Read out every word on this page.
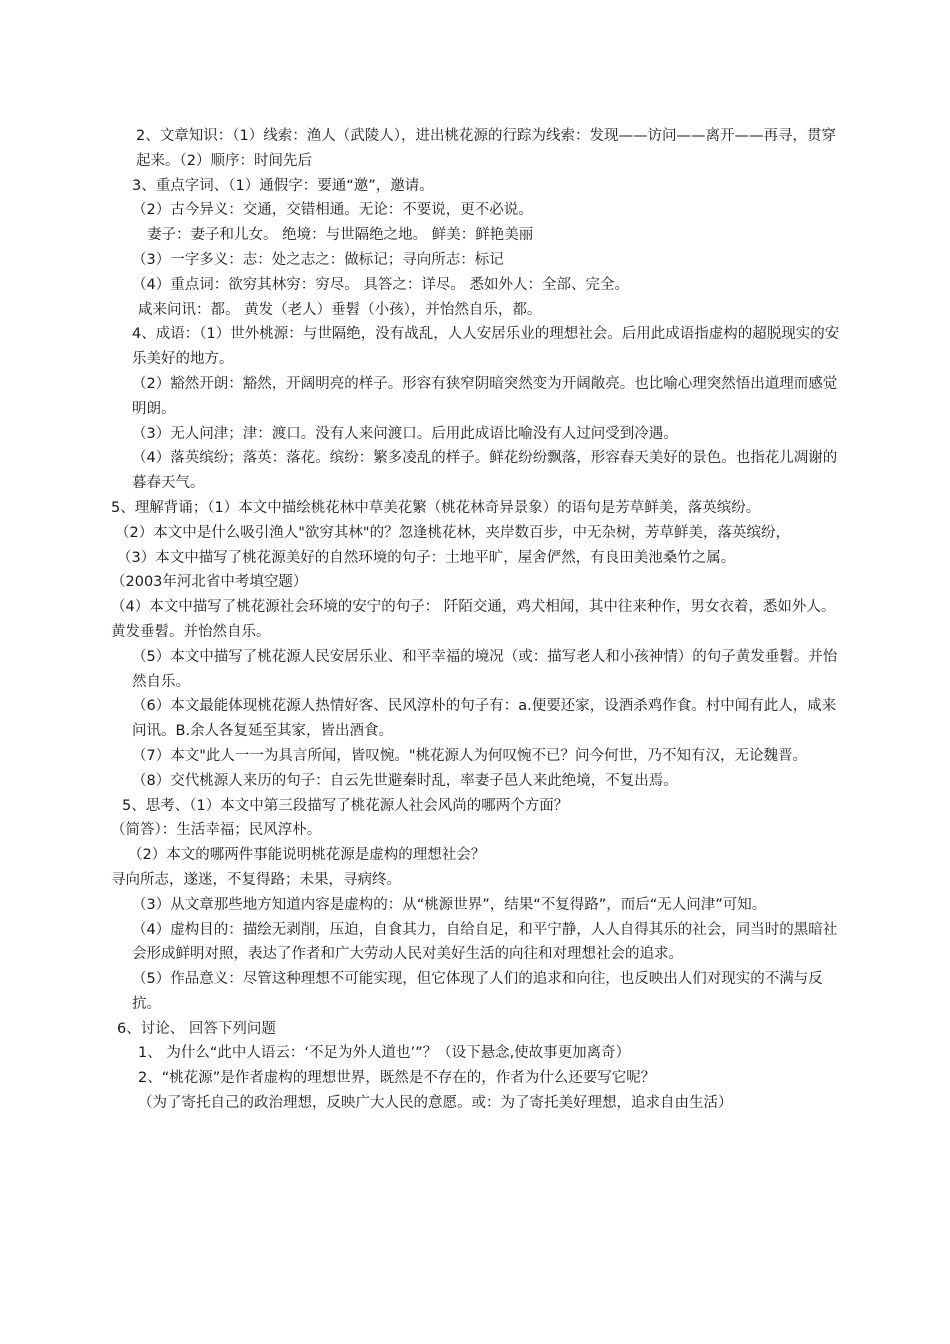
2、文章知识：（1）线索：渔人（武陵人），进出桃花源的行踪为线索：发现——访问——离开——再寻，贯穿起来。（2）顺序：时间先后

3、重点字词、（1）通假字：要通“邀”，邀请。

（2）古今异义：交通，交错相通。无论：不要说，更不必说。

妻子：妻子和儿女。 绝境：与世隔绝之地。 鲜美：鲜艳美丽

（3）一字多义：志：处之志之：做标记；寻向所志：标记

（4）重点词：欲穷其林穷：穷尽。 具答之：详尽。 悉如外人：全部、完全。

咸来问讯：都。 黄发（老人）垂髫（小孩），并怡然自乐，都。

4、成语：（1）世外桃源：与世隔绝，没有战乱，人人安居乐业的理想社会。后用此成语指虚构的超脱现实的安乐美好的地方。

（2）豁然开朗：豁然，开阔明亮的样子。形容有狭窄阴暗突然变为开阔敞亮。也比喻心理突然悟出道理而感觉明朗。

（3）无人问津；津：渡口。没有人来问渡口。后用此成语比喻没有人过问受到冷遇。

（4）落英缤纷；落英：落花。缤纷：繁多凌乱的样子。鲜花纷纷飘落，形容春天美好的景色。也指花儿凋谢的暮春天气。

5、理解背诵；（1）本文中描绘桃花林中草美花繁（桃花林奇异景象）的语句是芳草鲜美，落英缤纷。

（2）本文中是什么吸引渔人"欲穷其林"的？忽逢桃花林，夹岸数百步，中无杂树，芳草鲜美，落英缤纷，

（3）本文中描写了桃花源美好的自然环境的句子：土地平旷，屋舍俨然，有良田美池桑竹之属。

（2003年河北省中考填空题）

（4）本文中描写了桃花源社会环境的安宁的句子： 阡陌交通，鸡犬相闻，其中往来种作，男女衣着，悉如外人。黄发垂髫。并怡然自乐。

（5）本文中描写了桃花源人民安居乐业、和平幸福的境况（或：描写老人和小孩神情）的句子黄发垂髫。并怡然自乐。

（6）本文最能体现桃花源人热情好客、民风淳朴的句子有：a.便要还家，设酒杀鸡作食。村中闻有此人，咸来问讯。B.余人各复延至其家，皆出酒食。

（7）本文"此人一一为具言所闻，皆叹惋。"桃花源人为何叹惋不已？问今何世，乃不知有汉，无论魏晋。

（8）交代桃源人来历的句子：自云先世避秦时乱，率妻子邑人来此绝境，不复出焉。

5、思考、（1）本文中第三段描写了桃花源人社会风尚的哪两个方面？

（简答）：生活幸福；民风淳朴。

（2）本文的哪两件事能说明桃花源是虚构的理想社会？

寻向所志，遂迷，不复得路；未果，寻病终。

（3）从文章那些地方知道内容是虚构的：从“桃源世界”，结果“不复得路”，而后“无人问津”可知。

（4）虚构目的：描绘无剥削，压迫，自食其力，自给自足，和平宁静，人人自得其乐的社会，同当时的黑暗社会形成鲜明对照，表达了作者和广大劳动人民对美好生活的向往和对理想社会的追求。

（5）作品意义：尽管这种理想不可能实现，但它体现了人们的追求和向往，也反映出人们对现实的不满与反抗。

6、讨论、 回答下列问题

1、 为什么“此中人语云：‘不足为外人道也’”？（设下悬念,使故事更加离奇）

2、“桃花源”是作者虚构的理想世界，既然是不存在的，作者为什么还要写它呢？

（为了寄托自己的政治理想，反映广大人民的意愿。或：为了寄托美好理想，追求自由生活）
